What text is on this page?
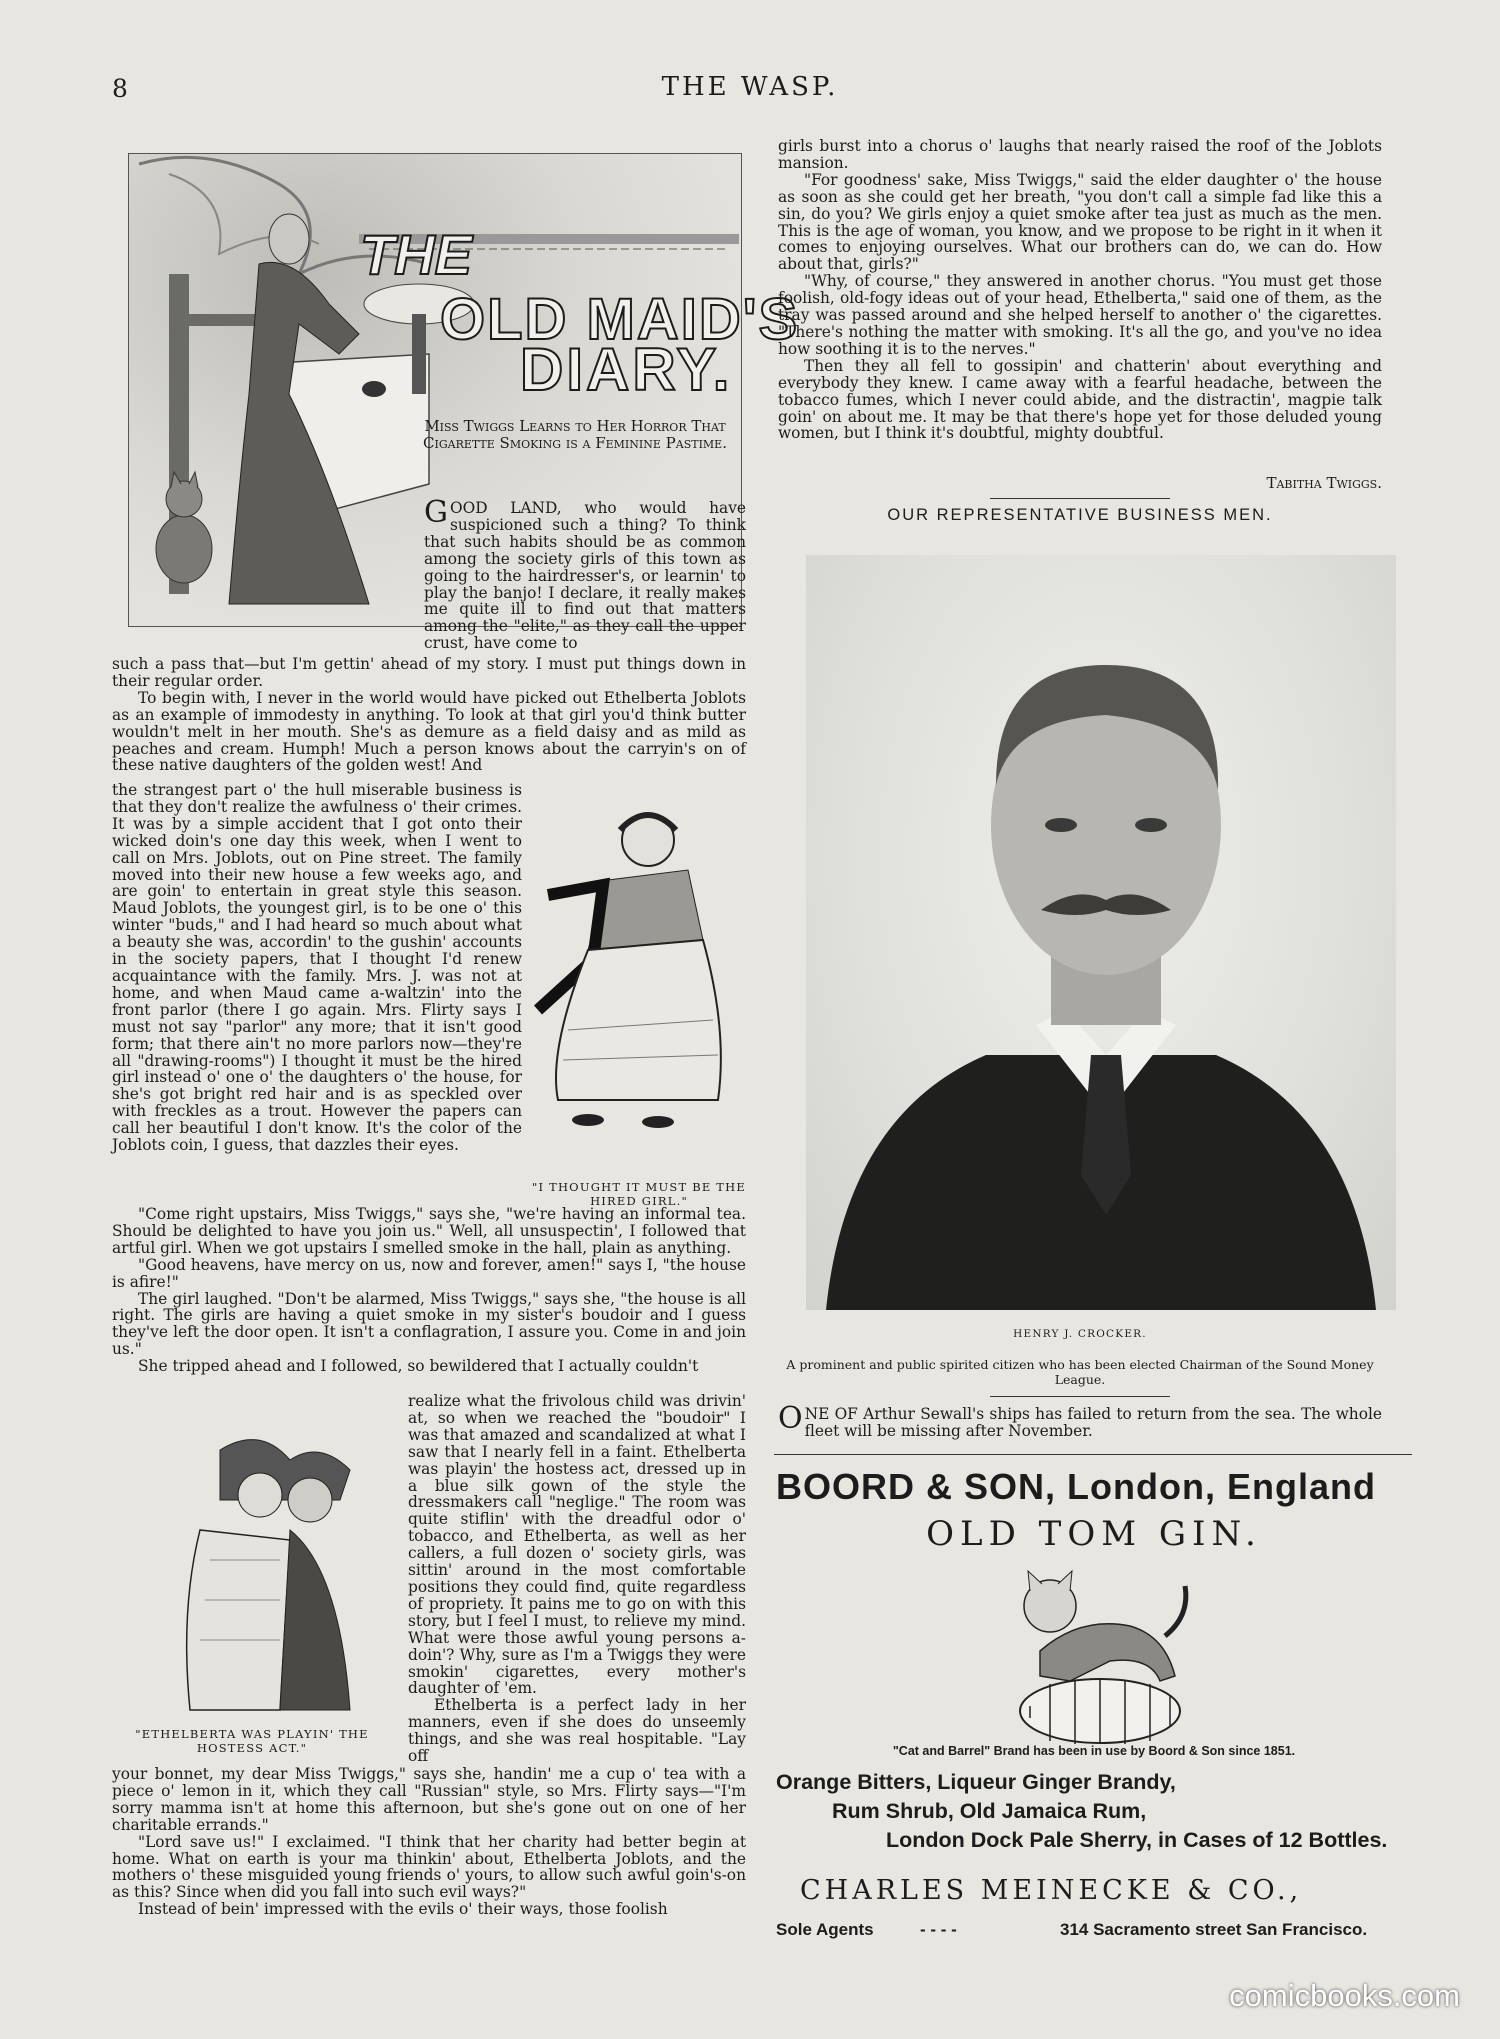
8	THE WASP.
THE
OLD MAID'S
DIARY.
Miss Twiggs Learns to Her Horror That Cigarette Smoking is a Feminine Pastime.

GOOD LAND, who would have suspicioned such a thing? To think that such habits should be as common among the society girls of this town as going to the hairdresser's, or learnin' to play the banjo! I declare, it really makes me quite ill to find out that matters among the "elite," as they call the upper crust, have come to

such a pass that—but I'm gettin' ahead of my story. I must put things down in their regular order.

To begin with, I never in the world would have picked out Ethelberta Joblots as an example of immodesty in anything. To look at that girl you'd think butter wouldn't melt in her mouth. She's as demure as a field daisy and as mild as peaches and cream. Humph! Much a person knows about the carryin's on of these native daughters of the golden west! And

the strangest part o' the hull miserable business is that they don't realize the awfulness o' their crimes. It was by a simple accident that I got onto their wicked doin's one day this week, when I went to call on Mrs. Joblots, out on Pine street. The family moved into their new house a few weeks ago, and are goin' to entertain in great style this season. Maud Joblots, the youngest girl, is to be one o' this winter "buds," and I had heard so much about what a beauty she was, accordin' to the gushin' accounts in the society papers, that I thought I'd renew acquaintance with the family. Mrs. J. was not at home, and when Maud came a-waltzin' into the front parlor (there I go again. Mrs. Flirty says I must not say "parlor" any more; that it isn't good form; that there ain't no more parlors now—they're all "drawing-rooms") I thought it must be the hired girl instead o' one o' the daughters o' the house, for she's got bright red hair and is as speckled over with freckles as a trout. However the papers can call her beautiful I don't know. It's the color of the Joblots coin, I guess, that dazzles their eyes.

"I THOUGHT IT MUST BE THE HIRED GIRL."

"Come right upstairs, Miss Twiggs," says she, "we're having an informal tea. Should be delighted to have you join us." Well, all unsuspectin', I followed that artful girl. When we got upstairs I smelled smoke in the hall, plain as anything.

"Good heavens, have mercy on us, now and forever, amen!" says I, "the house is afire!"

The girl laughed. "Don't be alarmed, Miss Twiggs," says she, "the house is all right. The girls are having a quiet smoke in my sister's boudoir and I guess they've left the door open. It isn't a conflagration, I assure you. Come in and join us."

She tripped ahead and I followed, so bewildered that I actually couldn't

"ETHELBERTA WAS PLAYIN' THE HOSTESS ACT."

realize what the frivolous child was drivin' at, so when we reached the "boudoir" I was that amazed and scandalized at what I saw that I nearly fell in a faint. Ethelberta was playin' the hostess act, dressed up in a blue silk gown of the style the dressmakers call "neglige." The room was quite stiflin' with the dreadful odor o' tobacco, and Ethelberta, as well as her callers, a full dozen o' society girls, was sittin' around in the most comfortable positions they could find, quite regardless of propriety. It pains me to go on with this story, but I feel I must, to relieve my mind. What were those awful young persons a-doin'? Why, sure as I'm a Twiggs they were smokin' cigarettes, every mother's daughter of 'em.

Ethelberta is a perfect lady in her manners, even if she does do unseemly things, and she was real hospitable. "Lay off

your bonnet, my dear Miss Twiggs," says she, handin' me a cup o' tea with a piece o' lemon in it, which they call "Russian" style, so Mrs. Flirty says—"I'm sorry mamma isn't at home this afternoon, but she's gone out on one of her charitable errands."

"Lord save us!" I exclaimed. "I think that her charity had better begin at home. What on earth is your ma thinkin' about, Ethelberta Joblots, and the mothers o' these misguided young friends o' yours, to allow such awful goin's-on as this? Since when did you fall into such evil ways?"

Instead of bein' impressed with the evils o' their ways, those foolish

girls burst into a chorus o' laughs that nearly raised the roof of the Joblots mansion.

"For goodness' sake, Miss Twiggs," said the elder daughter o' the house as soon as she could get her breath, "you don't call a simple fad like this a sin, do you? We girls enjoy a quiet smoke after tea just as much as the men. This is the age of woman, you know, and we propose to be right in it when it comes to enjoying ourselves. What our brothers can do, we can do. How about that, girls?"

"Why, of course," they answered in another chorus. "You must get those foolish, old-fogy ideas out of your head, Ethelberta," said one of them, as the tray was passed around and she helped herself to another o' the cigarettes. "There's nothing the matter with smoking. It's all the go, and you've no idea how soothing it is to the nerves."

Then they all fell to gossipin' and chatterin' about everything and everybody they knew. I came away with a fearful headache, between the tobacco fumes, which I never could abide, and the distractin', magpie talk goin' on about me. It may be that there's hope yet for those deluded young women, but I think it's doubtful, mighty doubtful.

Tabitha Twiggs.
OUR REPRESENTATIVE BUSINESS MEN.
HENRY J. CROCKER.
A prominent and public spirited citizen who has been elected Chairman of the Sound Money League.

ONE OF Arthur Sewall's ships has failed to return from the sea. The whole fleet will be missing after November.

BOORD & SON, London, England
OLD TOM GIN.
"Cat and Barrel" Brand has been in use by Boord & Son since 1851.
Orange Bitters, Liqueur Ginger Brandy,
Rum Shrub, Old Jamaica Rum,
London Dock Pale Sherry, in Cases of 12 Bottles.
CHARLES MEINECKE & CO.,
Sole Agents	- - - -	314 Sacramento street San Francisco.
comicbooks.com
